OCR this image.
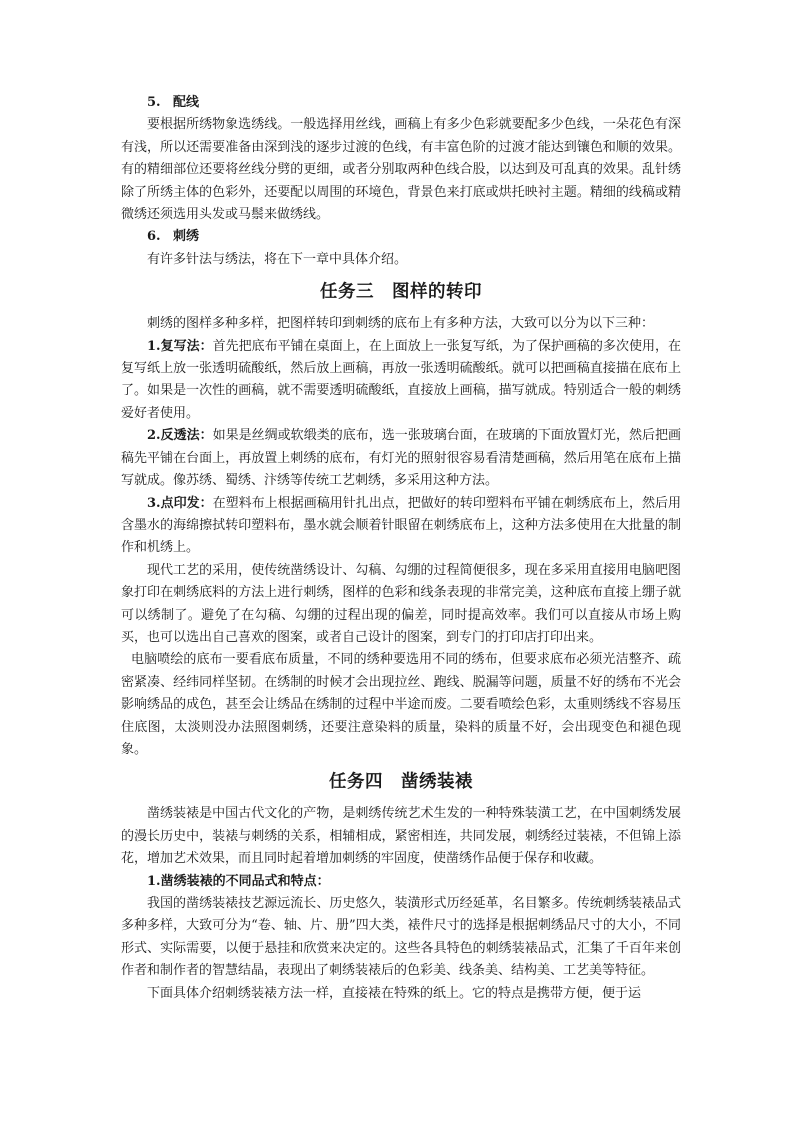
5. 配线

要根据所绣物象选绣线。一般选择用丝线，画稿上有多少色彩就要配多少色线，一朵花色有深有浅，所以还需要准备由深到浅的逐步过渡的色线，有丰富色阶的过渡才能达到镶色和顺的效果。有的精细部位还要将丝线分劈的更细，或者分别取两种色线合股，以达到及可乱真的效果。乱针绣除了所绣主体的色彩外，还要配以周围的环境色，背景色来打底或烘托映衬主题。精细的线稿或精微绣还须选用头发或马鬃来做绣线。

6. 刺绣

有许多针法与绣法，将在下一章中具体介绍。

任务三 图样的转印

刺绣的图样多种多样，把图样转印到刺绣的底布上有多种方法，大致可以分为以下三种：

1.复写法：首先把底布平铺在桌面上，在上面放上一张复写纸，为了保护画稿的多次使用，在复写纸上放一张透明硫酸纸，然后放上画稿，再放一张透明硫酸纸。就可以把画稿直接描在底布上了。如果是一次性的画稿，就不需要透明硫酸纸，直接放上画稿，描写就成。特别适合一般的刺绣爱好者使用。

2.反透法：如果是丝绸或软缎类的底布，选一张玻璃台面，在玻璃的下面放置灯光，然后把画稿先平铺在台面上，再放置上刺绣的底布，有灯光的照射很容易看清楚画稿，然后用笔在底布上描写就成。像苏绣、蜀绣、汴绣等传统工艺刺绣，多采用这种方法。

3.点印发：在塑料布上根据画稿用针扎出点，把做好的转印塑料布平铺在刺绣底布上，然后用含墨水的海绵擦拭转印塑料布，墨水就会顺着针眼留在刺绣底布上，这种方法多使用在大批量的制作和机绣上。

现代工艺的采用，使传统凿绣设计、勾稿、勾绷的过程简便很多，现在多采用直接用电脑吧图象打印在刺绣底料的方法上进行刺绣，图样的色彩和线条表现的非常完美，这种底布直接上绷子就可以绣制了。避免了在勾稿、勾绷的过程出现的偏差，同时提高效率。我们可以直接从市场上购买，也可以选出自己喜欢的图案，或者自己设计的图案，到专门的打印店打印出来。

电脑喷绘的底布一要看底布质量，不同的绣种要选用不同的绣布，但要求底布必须光洁整齐、疏密紧凑、经纬同样坚韧。在绣制的时候才会出现拉丝、跑线、脱漏等问题，质量不好的绣布不光会影响绣品的成色，甚至会让绣品在绣制的过程中半途而废。二要看喷绘色彩，太重则绣线不容易压住底图，太淡则没办法照图刺绣，还要注意染料的质量，染料的质量不好，会出现变色和褪色现象。

任务四 凿绣装裱

凿绣装裱是中国古代文化的产物，是刺绣传统艺术生发的一种特殊装潢工艺，在中国刺绣发展的漫长历史中，装裱与刺绣的关系，相辅相成，紧密相连，共同发展，刺绣经过装裱，不但锦上添花，增加艺术效果，而且同时起着增加刺绣的牢固度，使凿绣作品便于保存和收藏。

1.凿绣装裱的不同品式和特点：

我国的凿绣装裱技艺源远流长、历史悠久，装潢形式历经延革，名目繁多。传统刺绣装裱品式多种多样，大致可分为“卷、轴、片、册”四大类，裱件尺寸的选择是根据刺绣品尺寸的大小，不同形式、实际需要，以便于悬挂和欣赏来决定的。这些各具特色的刺绣装裱品式，汇集了千百年来创作者和制作者的智慧结晶，表现出了刺绣装裱后的色彩美、线条美、结构美、工艺美等特征。

下面具体介绍刺绣装裱方法一样，直接裱在特殊的纸上。它的特点是携带方便，便于运
